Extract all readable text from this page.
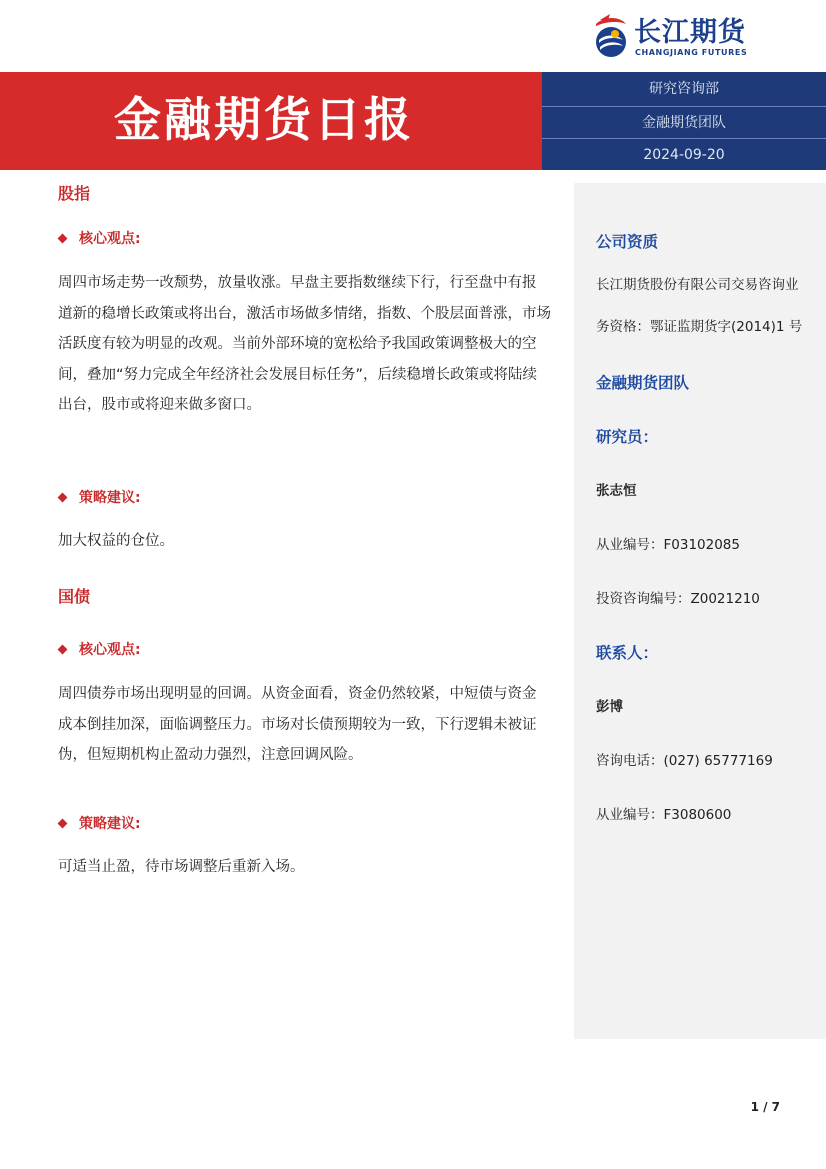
长江期货
CHANGJIANG FUTURES
金融期货日报
研究咨询部
金融期货团队
2024-09-20
股指
核心观点:
周四市场走势一改颓势，放量收涨。早盘主要指数继续下行，行至盘中有报
道新的稳增长政策或将出台，激活市场做多情绪，指数、个股层面普涨，市场
活跃度有较为明显的改观。当前外部环境的宽松给予我国政策调整极大的空
间，叠加“努力完成全年经济社会发展目标任务”，后续稳增长政策或将陆续
出台，股市或将迎来做多窗口。
策略建议:
加大权益的仓位。
国债
核心观点:
周四债券市场出现明显的回调。从资金面看，资金仍然较紧，中短债与资金
成本倒挂加深，面临调整压力。市场对长债预期较为一致，下行逻辑未被证
伪，但短期机构止盈动力强烈，注意回调风险。
策略建议:
可适当止盈，待市场调整后重新入场。
公司资质
长江期货股份有限公司交易咨询业
务资格：鄂证监期货字(2014)1 号
金融期货团队
研究员：
张志恒
从业编号：F03102085
投资咨询编号：Z0021210
联系人：
彭博
咨询电话：(027) 65777169
从业编号：F3080600
1 / 7
